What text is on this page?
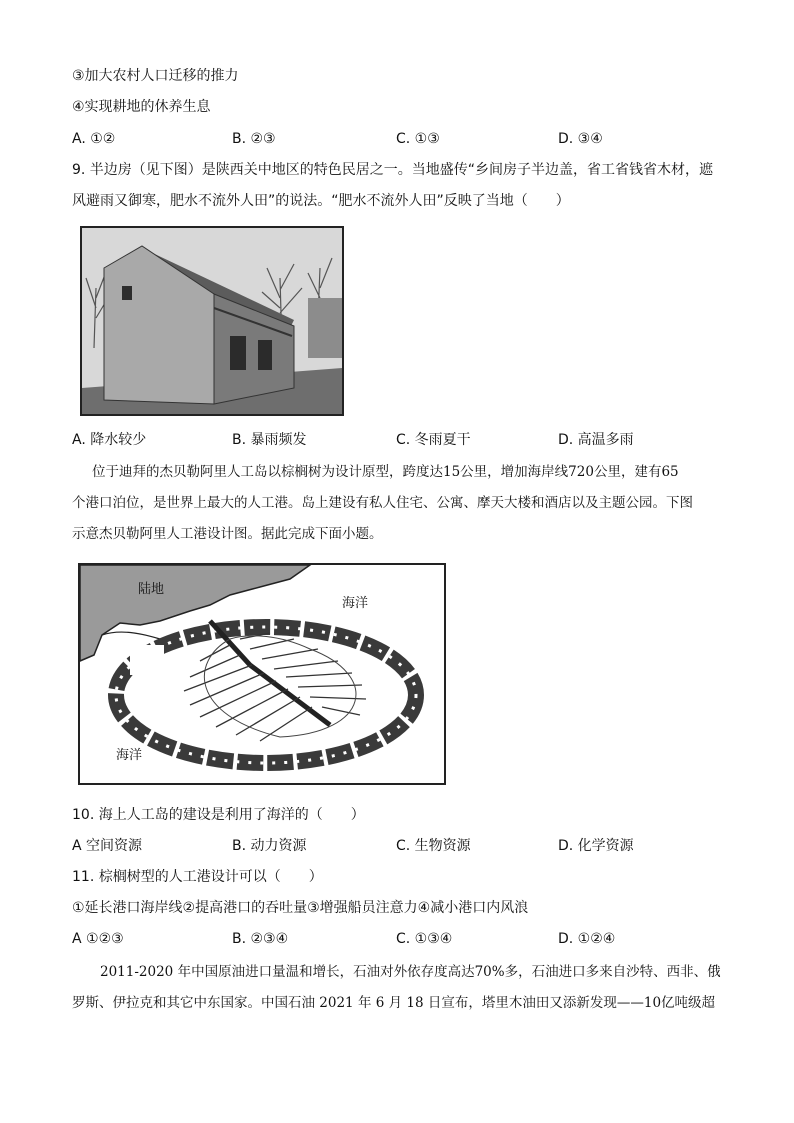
③加大农村人口迁移的推力
④实现耕地的休养生息
A. ①②	B. ②③	C. ①③	D. ③④
9. 半边房（见下图）是陕西关中地区的特色民居之一。当地盛传“乡间房子半边盖，省工省钱省木材，遮
风避雨又御寒，肥水不流外人田”的说法。“肥水不流外人田”反映了当地（　　）
A. 降水较少	B. 暴雨频发	C. 冬雨夏干	D. 高温多雨
位于迪拜的杰贝勒阿里人工岛以棕榈树为设计原型，跨度达15公里，增加海岸线720公里，建有65
个港口泊位，是世界上最大的人工港。岛上建设有私人住宅、公寓、摩天大楼和酒店以及主题公园。下图
示意杰贝勒阿里人工港设计图。据此完成下面小题。
陆地
海洋
海洋
10. 海上人工岛的建设是利用了海洋的（　　）
A 空间资源	B. 动力资源	C. 生物资源	D. 化学资源
11. 棕榈树型的人工港设计可以（　　）
①延长港口海岸线②提高港口的吞吐量③增强船员注意力④减小港口内风浪
A ①②③	B. ②③④	C. ①③④	D. ①②④
2011-2020 年中国原油进口量温和增长，石油对外依存度高达70%多，石油进口多来自沙特、西非、俄
罗斯、伊拉克和其它中东国家。中国石油 2021 年 6 月 18 日宣布，塔里木油田又添新发现——10亿吨级超
